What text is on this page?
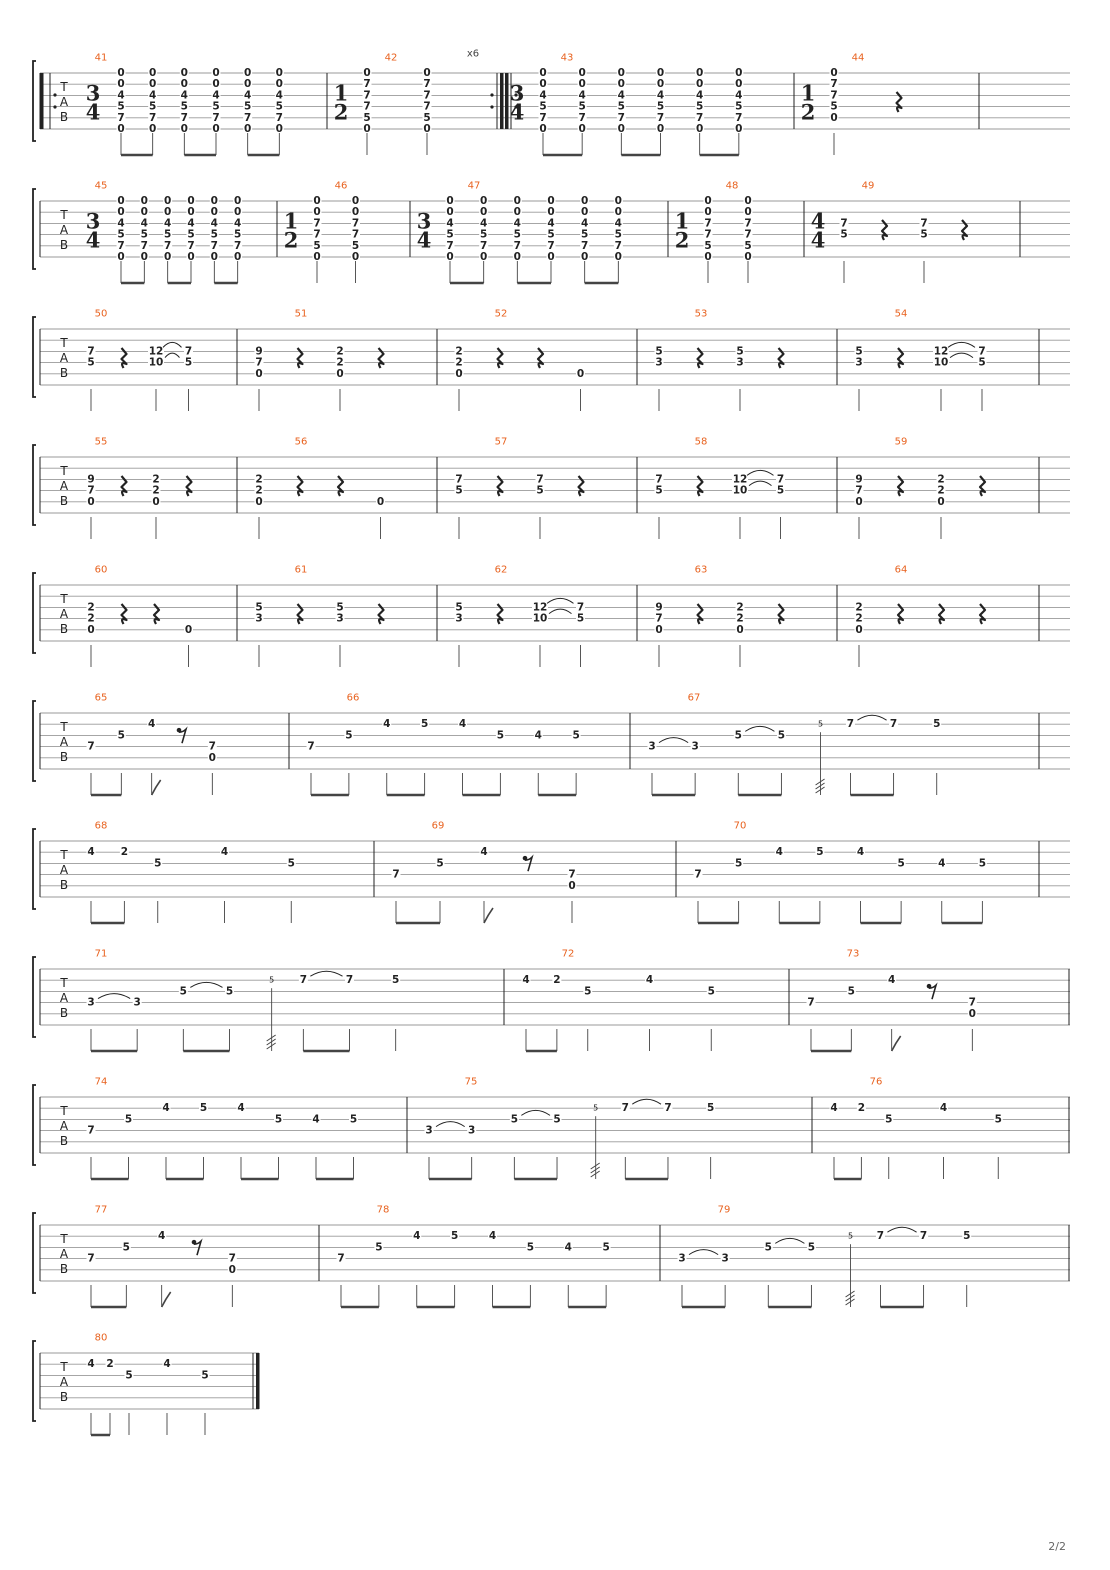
T
A
B
41
3
4
0
0
4
5
7
0
0
0
4
5
7
0
0
0
4
5
7
0
0
0
4
5
7
0
0
0
4
5
7
0
0
0
4
5
7
0
42
1
2
0
7
7
7
5
0
0
7
7
7
5
0
x6	43
3
4
0
0
4
5
7
0
0
0
4
5
7
0
0
0
4
5
7
0
0
0
4
5
7
0
0
0
4
5
7
0
0
0
4
5
7
0
44
1
2
0
7
7
5
0
T
A
B
45
3
4
0
0
4
5
7
0
0
0
4
5
7
0
0
0
4
5
7
0
0
0
4
5
7
0
0
0
4
5
7
0
0
0
4
5
7
0
46
1
2
0
0
7
7
5
0
0
0
7
7
5
0
47
3
4
0
0
4
5
7
0
0
0
4
5
7
0
0
0
4
5
7
0
0
0
4
5
7
0
0
0
4
5
7
0
0
0
4
5
7
0
48
1
2
0
0
7
7
5
0
0
0
7
7
5
0
49
4
4
7
5
7
5
T
A
B
50
7
5
12
10
7
5
51
9
7
0
2
2
0
52
2
2
0	0
53
5
3
5
3
54
5
3
12
10
7
5
T
A
B
55
9
7
0
2
2
0
56
2
2
0	0
57
7
5
7
5
58
7
5
12
10
7
5
59
9
7
0
2
2
0
T
A
B
60
2
2
0	0
61
5
3
5
3
62
5
3
12
10
7
5
63
9
7
0
2
2
0
64
2
2
0
T
A
B
65
7
5
4
7
0
66
7
5
4	5	4
5	4	5
67
3	3
5	5
5 7	7	5
T
A
B
68
4 2
5
4
5
69
7
5
4
7
0
70
7
5
4	5	4
5	4	5
T
A
B
71
3	3
5	5
5 7	7	5
72
4 2
5
4
5
73
7
5
4
7
0
T
A
B
74
7
5
4	5	4
5	4	5
75
3	3
5	5
5 7	7	5
76
4 2
5
4
5
T
A
B
77
7
5
4
7
0
78
7
5
4	5	4
5	4	5
79
3	3
5	5
5 7	7	5
T
A
B
80
4 2
5
4
5
2/2
